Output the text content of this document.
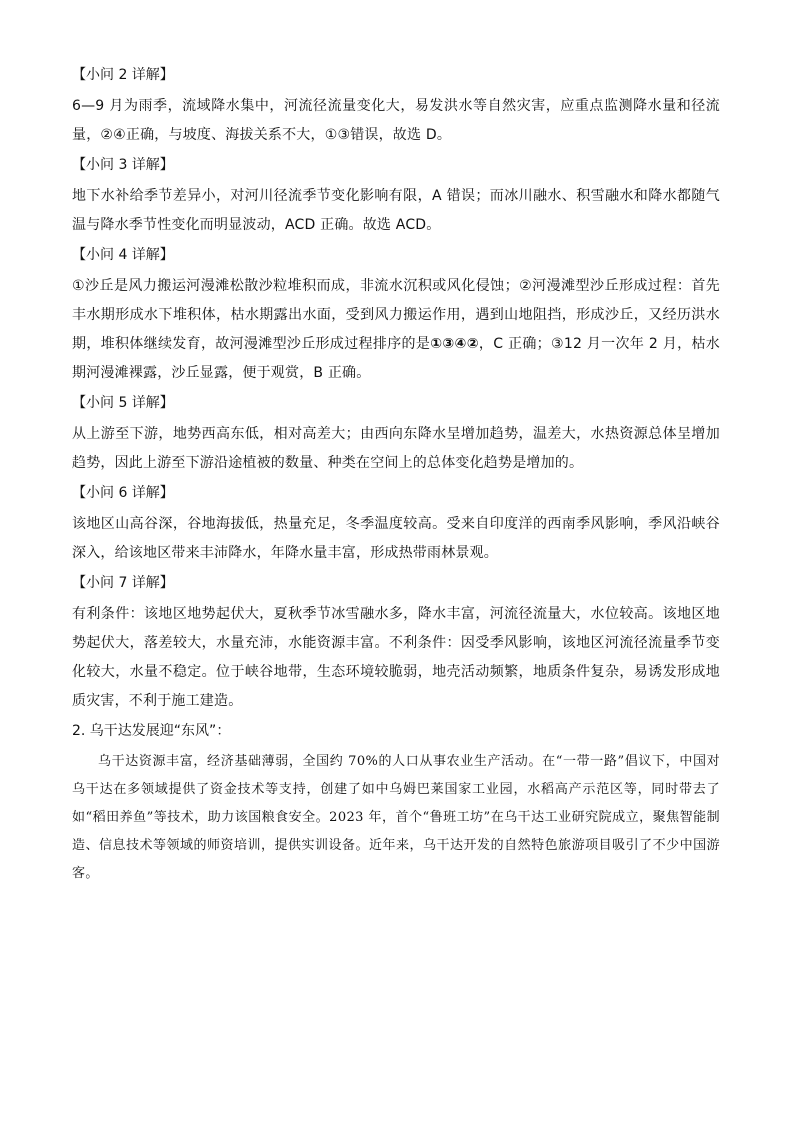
【小问 2 详解】

6—9 月为雨季，流域降水集中，河流径流量变化大，易发洪水等自然灾害，应重点监测降水量和径流量，②④正确，与坡度、海拔关系不大，①③错误，故选 D。

【小问 3 详解】

地下水补给季节差异小，对河川径流季节变化影响有限，A 错误；而冰川融水、积雪融水和降水都随气温与降水季节性变化而明显波动，ACD 正确。故选 ACD。

【小问 4 详解】

①沙丘是风力搬运河漫滩松散沙粒堆积而成，非流水沉积或风化侵蚀；②河漫滩型沙丘形成过程：首先丰水期形成水下堆积体，枯水期露出水面，受到风力搬运作用，遇到山地阻挡，形成沙丘，又经历洪水期，堆积体继续发育，故河漫滩型沙丘形成过程排序的是①③④②，C 正确；③12 月一次年 2 月，枯水期河漫滩裸露，沙丘显露，便于观赏，B 正确。

【小问 5 详解】

从上游至下游，地势西高东低，相对高差大；由西向东降水呈增加趋势，温差大，水热资源总体呈增加趋势，因此上游至下游沿途植被的数量、种类在空间上的总体变化趋势是增加的。

【小问 6 详解】

该地区山高谷深，谷地海拔低，热量充足，冬季温度较高。受来自印度洋的西南季风影响，季风沿峡谷深入，给该地区带来丰沛降水，年降水量丰富，形成热带雨林景观。

【小问 7 详解】

有利条件：该地区地势起伏大，夏秋季节冰雪融水多，降水丰富，河流径流量大，水位较高。该地区地势起伏大，落差较大，水量充沛，水能资源丰富。不利条件：因受季风影响，该地区河流径流量季节变化较大，水量不稳定。位于峡谷地带，生态环境较脆弱，地壳活动频繁，地质条件复杂，易诱发形成地质灾害，不利于施工建造。

2. 乌干达发展迎“东风”：

乌干达资源丰富，经济基础薄弱，全国约 70%的人口从事农业生产活动。在“一带一路”倡议下，中国对乌干达在多领域提供了资金技术等支持，创建了如中乌姆巴莱国家工业园，水稻高产示范区等，同时带去了如“稻田养鱼”等技术，助力该国粮食安全。2023 年，首个“鲁班工坊”在乌干达工业研究院成立，聚焦智能制造、信息技术等领域的师资培训，提供实训设备。近年来，乌干达开发的自然特色旅游项目吸引了不少中国游客。
